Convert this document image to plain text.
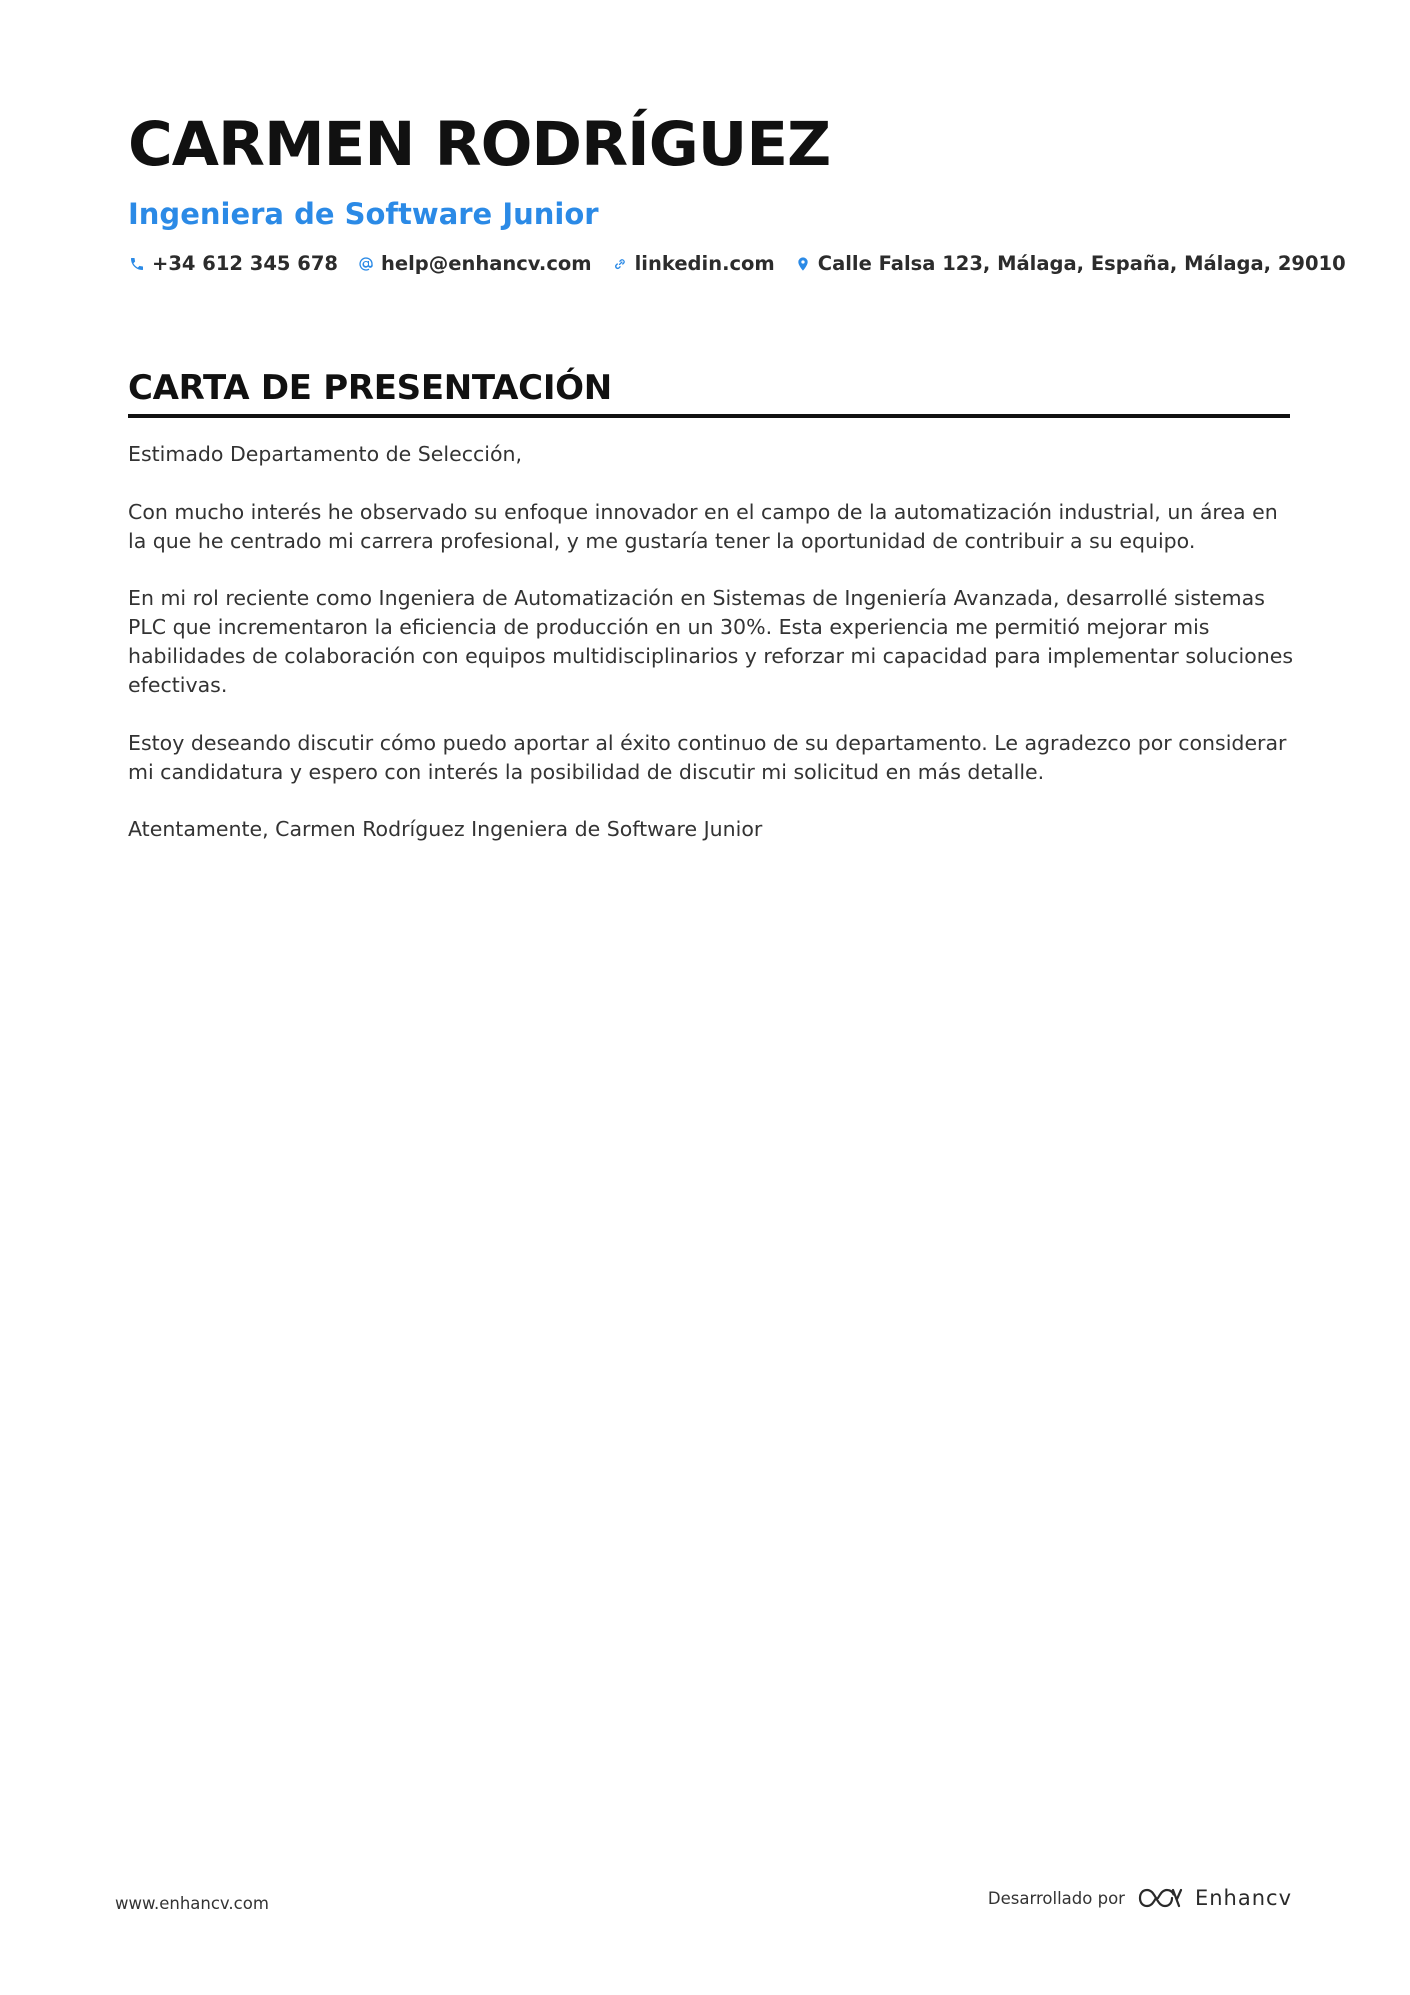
CARMEN RODRÍGUEZ
Ingeniera de Software Junior
+34 612 345 678 help@enhancv.com linkedin.com Calle Falsa 123, Málaga, España, Málaga, 29010
CARTA DE PRESENTACIÓN

Estimado Departamento de Selección,

Con mucho interés he observado su enfoque innovador en el campo de la automatización industrial, un área en la que he centrado mi carrera profesional, y me gustaría tener la oportunidad de contribuir a su equipo.

En mi rol reciente como Ingeniera de Automatización en Sistemas de Ingeniería Avanzada, desarrollé sistemas PLC que incrementaron la eficiencia de producción en un 30%. Esta experiencia me permitió mejorar mis habilidades de colaboración con equipos multidisciplinarios y reforzar mi capacidad para implementar soluciones efectivas.

Estoy deseando discutir cómo puedo aportar al éxito continuo de su departamento. Le agradezco por considerar mi candidatura y espero con interés la posibilidad de discutir mi solicitud en más detalle.

Atentamente, Carmen Rodríguez Ingeniera de Software Junior

www.enhancv.com	Desarrollado por	Enhancv
